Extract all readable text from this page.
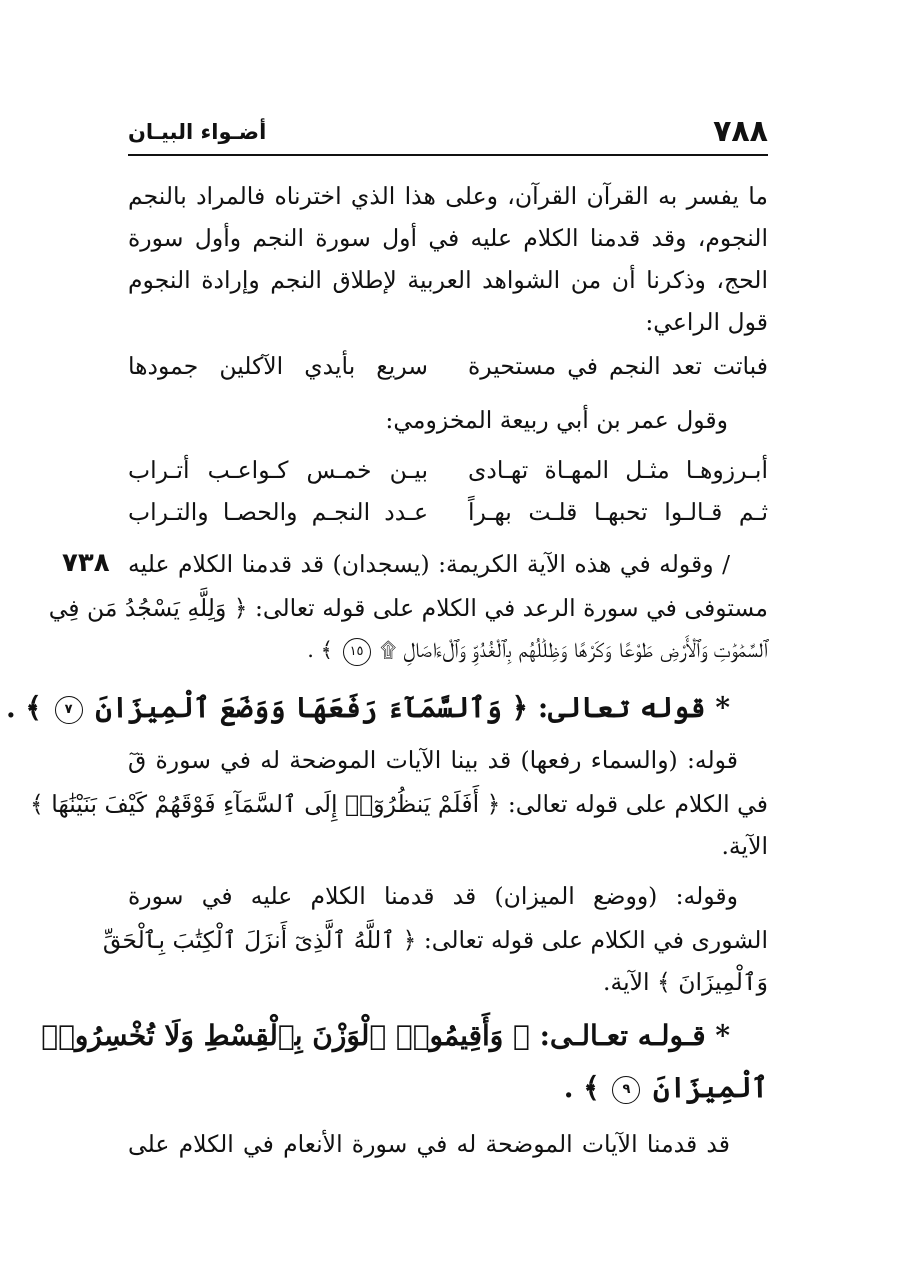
٧٨٨
أضـواء البيـان
ما يفسر به القرآن القرآن، وعلى هذا الذي اخترناه فالمراد بالنجم
النجوم، وقد قدمنا الكلام عليه في أول سورة النجم وأول سورة
الحج، وذكرنا أن من الشواهد العربية لإطلاق النجم وإرادة النجوم
قول الراعي:
فباتت تعد النجم في مستحيرة
سريع بأيدي الآكلين جمودها
وقول عمر بن أبي ربيعة المخزومي:
أبـرزوهـا مثـل المهـاة تهـادى
بيـن خمـس كـواعـب أتـراب
ثـم قـالـوا تحبهـا قلـت بهـراً
عـدد النجـم والحصـا والتـراب
٧٣٨ / وقوله في هذه الآية الكريمة: (يسجدان) قد قدمنا الكلام عليه
مستوفى في سورة الرعد في الكلام على قوله تعالى: ﴿ وَلِلَّهِ يَسْجُدُ مَن فِي
ٱلسَّمَٰوَٰتِ وَٱلْأَرْضِ طَوْعًا وَكَرْهًا وَظِلَٰلُهُم بِٱلْغُدُوِّ وَٱلْءَاصَالِ ۩ ١٥ ﴾ .
* قوله تعالى: ﴿ وَٱلسَّمَآءَ رَفَعَهَا وَوَضَعَ ٱلْمِيزَانَ ٧ ﴾ .
قوله: (والسماء رفعها) قد بينا الآيات الموضحة له في سورة قٓ
في الكلام على قوله تعالى: ﴿ أَفَلَمْ يَنظُرُوٓا۟ إِلَى ٱلسَّمَآءِ فَوْقَهُمْ كَيْفَ بَنَيْنَٰهَا ﴾
الآية.
وقوله: (ووضع الميزان) قد قدمنا الكلام عليه في سورة
الشورى في الكلام على قوله تعالى: ﴿ ٱللَّهُ ٱلَّذِىٓ أَنزَلَ ٱلْكِتَٰبَ بِٱلْحَقِّ
وَٱلْمِيزَانَ ﴾ الآية.
* قـولـه تعـالـى: ﴿ وَأَقِيمُوا۟ ٱلْوَزْنَ بِٱلْقِسْطِ وَلَا تُخْسِرُوا۟
ٱلْمِيزَانَ ٩ ﴾ .
قد قدمنا الآيات الموضحة له في سورة الأنعام في الكلام على
